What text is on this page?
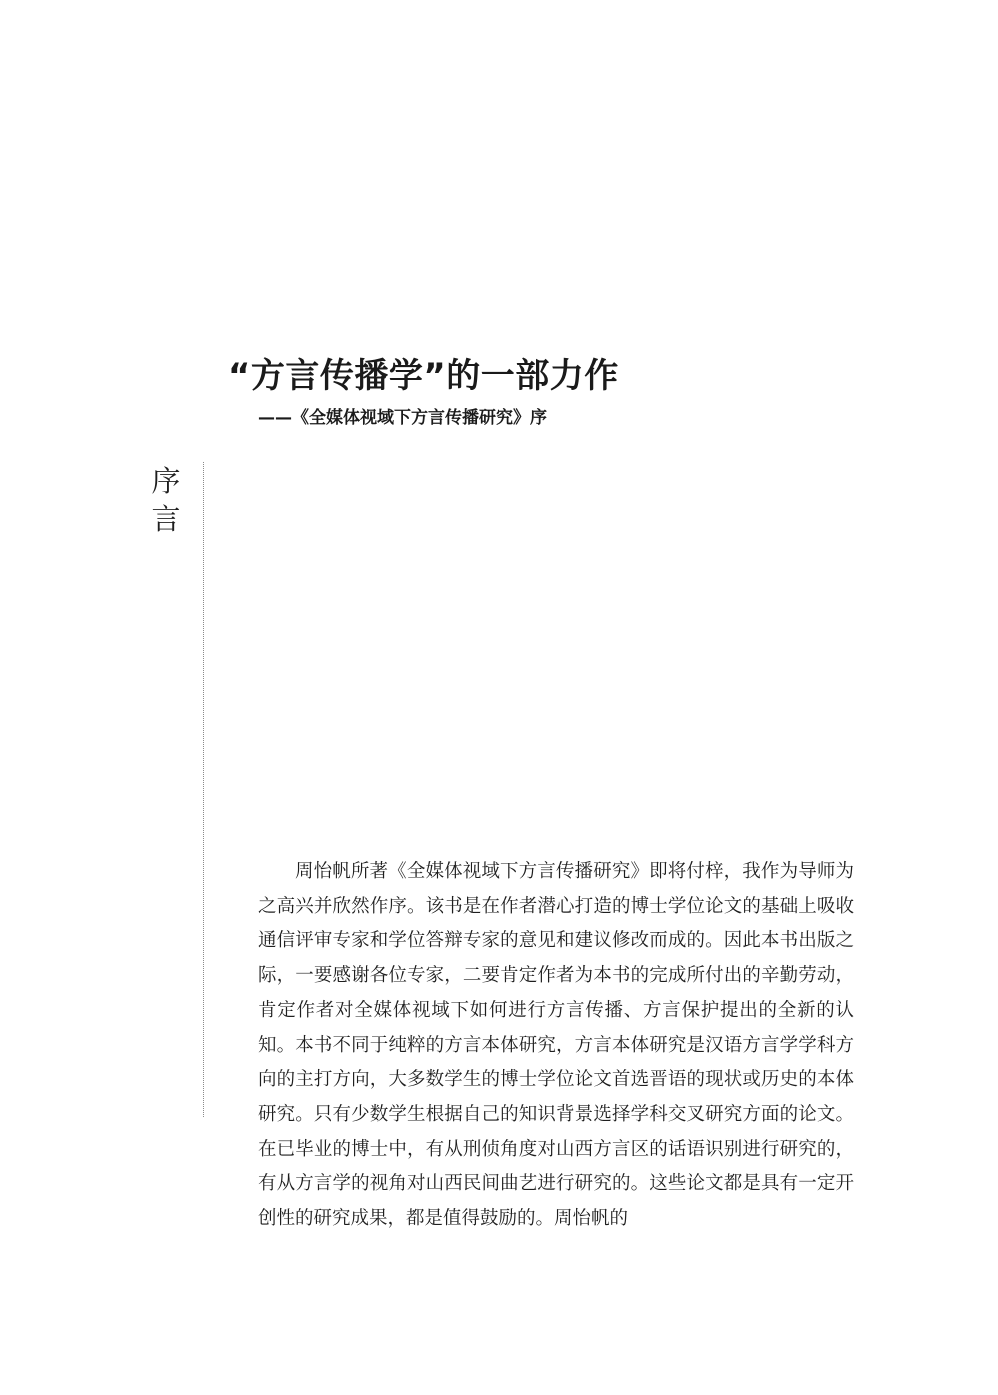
“方言传播学”的一部力作
——《全媒体视域下方言传播研究》序
序
言

周怡帆所著《全媒体视域下方言传播研究》即将付梓，我作为导师为之高兴并欣然作序。该书是在作者潜心打造的博士学位论文的基础上吸收通信评审专家和学位答辩专家的意见和建议修改而成的。因此本书出版之际，一要感谢各位专家，二要肯定作者为本书的完成所付出的辛勤劳动，肯定作者对全媒体视域下如何进行方言传播、方言保护提出的全新的认知。本书不同于纯粹的方言本体研究，方言本体研究是汉语方言学学科方向的主打方向，大多数学生的博士学位论文首选晋语的现状或历史的本体研究。只有少数学生根据自己的知识背景选择学科交叉研究方面的论文。在已毕业的博士中，有从刑侦角度对山西方言区的话语识别进行研究的，有从方言学的视角对山西民间曲艺进行研究的。这些论文都是具有一定开创性的研究成果，都是值得鼓励的。周怡帆的
